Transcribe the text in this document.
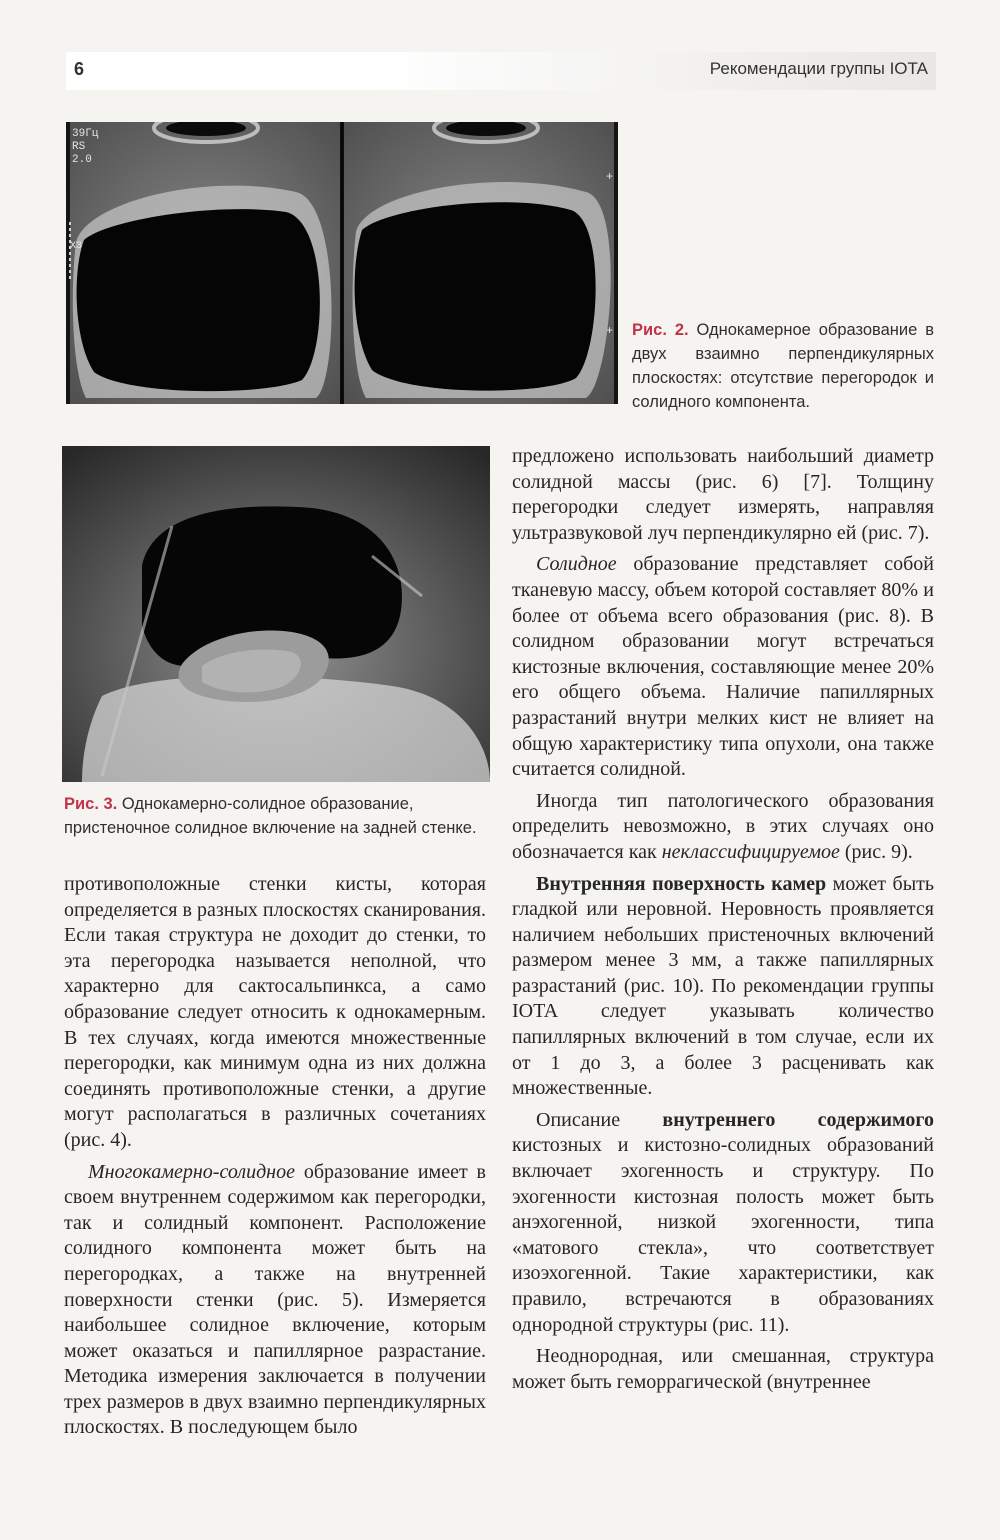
6	Рекомендации группы IOTA
39Гц
RS
2.0
X3
+
+ Рис. 2. Однокамерное образование в двух взаимно перпендикулярных плоскостях: отсутствие перегородок и солидного компонента.
Рис. 3. Однокамерно-солидное образование, пристеночное солидное включение на задней стенке.

противоположные стенки кисты, которая определяется в разных плоскостях сканирования. Если такая структура не доходит до стенки, то эта перегородка называется неполной, что характерно для сактосальпинкса, а само образование следует относить к однокамерным. В тех случаях, когда имеются множественные перегородки, как минимум одна из них должна соединять противоположные стенки, а другие могут располагаться в различных сочетаниях (рис. 4).

Многокамерно-солидное образование имеет в своем внутреннем содержимом как перегородки, так и солидный компонент. Расположение солидного компонента может быть на перегородках, а также на внутренней поверхности стенки (рис. 5). Измеряется наибольшее солидное включение, которым может оказаться и папиллярное разрастание. Методика измерения заключается в получении трех размеров в двух взаимно перпендикулярных плоскостях. В последующем было

предложено использовать наибольший диаметр солидной массы (рис. 6) [7]. Толщину перегородки следует измерять, направляя ультразвуковой луч перпендикулярно ей (рис. 7).

Солидное образование представляет собой тканевую массу, объем которой составляет 80% и более от объема всего образования (рис. 8). В солидном образовании могут встречаться кистозные включения, составляющие менее 20% его общего объема. Наличие папиллярных разрастаний внутри мелких кист не влияет на общую характеристику типа опухоли, она также считается солидной.

Иногда тип патологического образования определить невозможно, в этих случаях оно обозначается как неклассифицируемое (рис. 9).

Внутренняя поверхность камер может быть гладкой или неровной. Неровность проявляется наличием небольших пристеночных включений размером менее 3 мм, а также папиллярных разрастаний (рис. 10). По рекомендации группы IOTA следует указывать количество папиллярных включений в том случае, если их от 1 до 3, а более 3 расценивать как множественные.

Описание внутреннего содержимого кистозных и кистозно-солидных образований включает эхогенность и структуру. По эхогенности кистозная полость может быть анэхогенной, низкой эхогенности, типа «матового стекла», что соответствует изоэхогенной. Такие характеристики, как правило, встречаются в образованиях однородной структуры (рис. 11).

Неоднородная, или смешанная, структура может быть геморрагической (внутреннее
